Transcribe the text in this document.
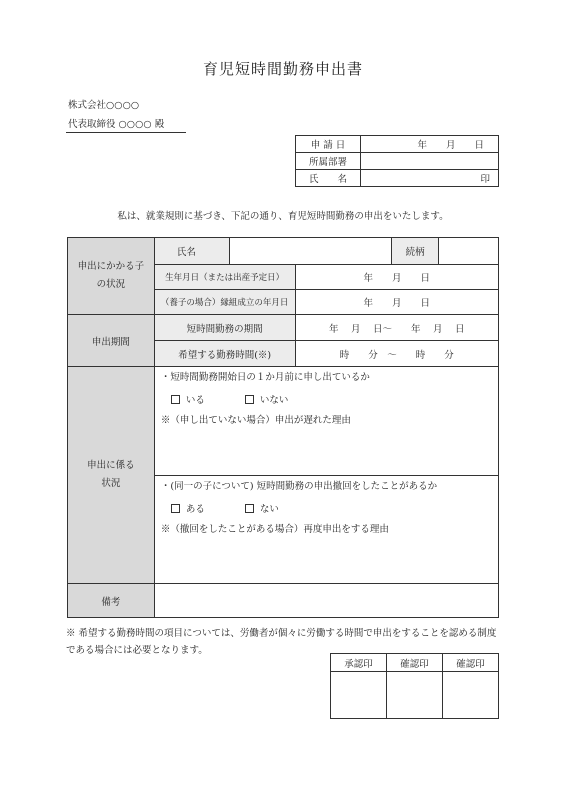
育児短時間勤務申出書
株式会社○○○○
代表取締役 ○○○○ 殿
申 請 日	年　　月　　日
所属部署	
氏　　名	印
私は、就業規則に基づき、下記の通り、育児短時間勤務の申出をいたします。
申出にかかる子の状況	氏名			続柄	
	生年月日（または出産予定日）		年　　月　　日		
	（養子の場合）縁組成立の年月日		年　　月　　日		
申出期間	短時間勤務の期間		年　 月　 日～　　年　 月　 日		
	希望する勤務時間(※)		時　　分　～　　時　　分		
申出に係る状況	・短時間勤務開始日の１か月前に申し出ているか
いる いない
※（申し出ていない場合）申出が遅れた理由				

	・(同一の子について) 短時間勤務の申出撤回をしたことがあるか
ある ない
※（撤回をしたことがある場合）再度申出をする理由				

備考					
※ 希望する勤務時間の項目については、労働者が個々に労働する時間で申出をすることを認める制度である場合には必要となります。
承認印	確認印	確認印
